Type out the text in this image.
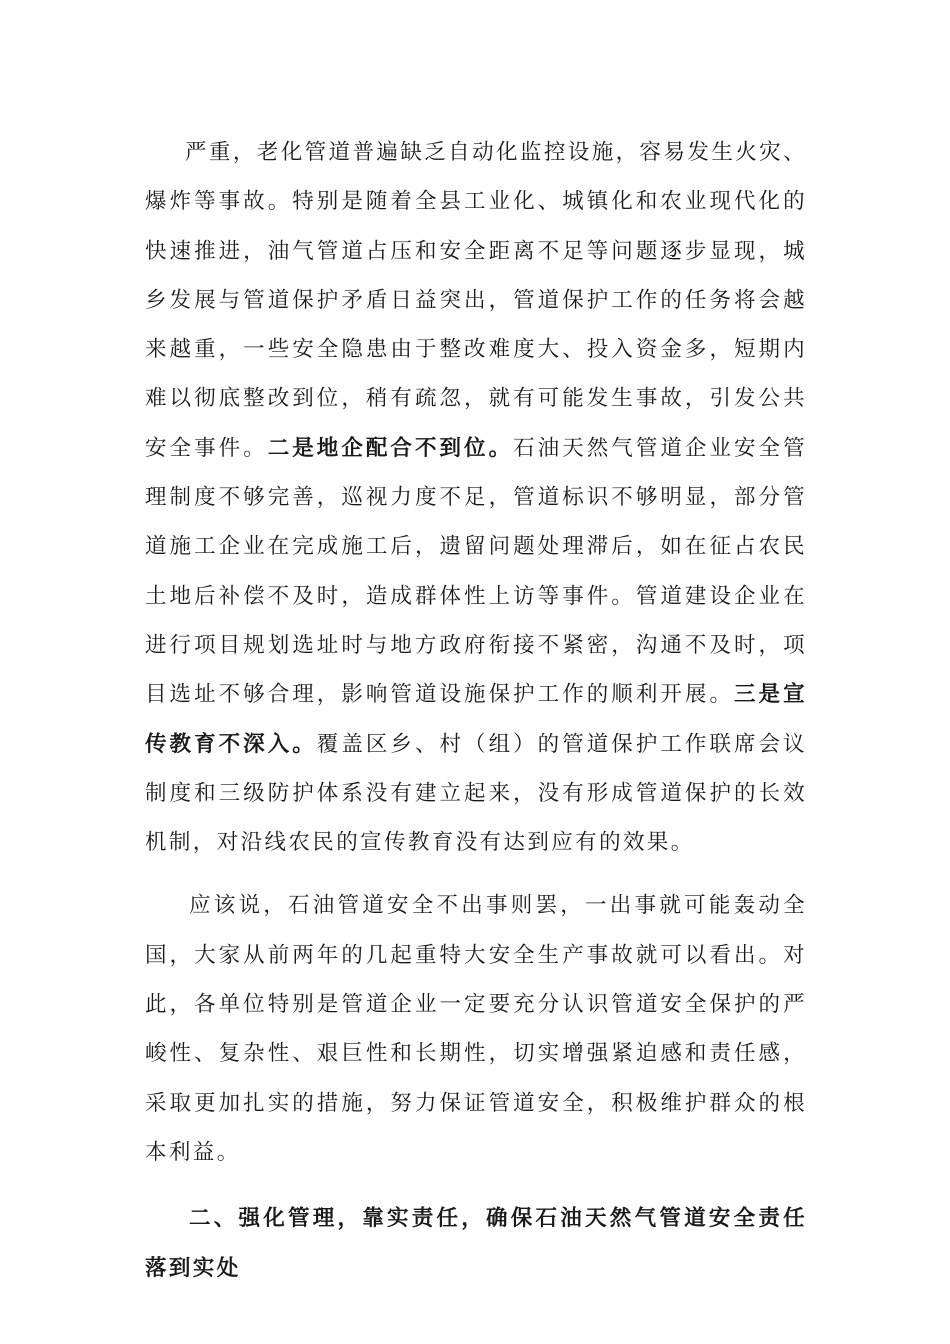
严重，老化管道普遍缺乏自动化监控设施，容易发生火灾、爆炸等事故。特别是随着全县工业化、城镇化和农业现代化的快速推进，油气管道占压和安全距离不足等问题逐步显现，城乡发展与管道保护矛盾日益突出，管道保护工作的任务将会越来越重，一些安全隐患由于整改难度大、投入资金多，短期内难以彻底整改到位，稍有疏忽，就有可能发生事故，引发公共安全事件。二是地企配合不到位。石油天然气管道企业安全管理制度不够完善，巡视力度不足，管道标识不够明显，部分管道施工企业在完成施工后，遗留问题处理滞后，如在征占农民土地后补偿不及时，造成群体性上访等事件。管道建设企业在进行项目规划选址时与地方政府衔接不紧密，沟通不及时，项目选址不够合理，影响管道设施保护工作的顺利开展。三是宣传教育不深入。覆盖区乡、村（组）的管道保护工作联席会议制度和三级防护体系没有建立起来，没有形成管道保护的长效机制，对沿线农民的宣传教育没有达到应有的效果。

应该说，石油管道安全不出事则罢，一出事就可能轰动全国，大家从前两年的几起重特大安全生产事故就可以看出。对此，各单位特别是管道企业一定要充分认识管道安全保护的严峻性、复杂性、艰巨性和长期性，切实增强紧迫感和责任感，采取更加扎实的措施，努力保证管道安全，积极维护群众的根本利益。

二、强化管理，靠实责任，确保石油天然气管道安全责任落到实处
